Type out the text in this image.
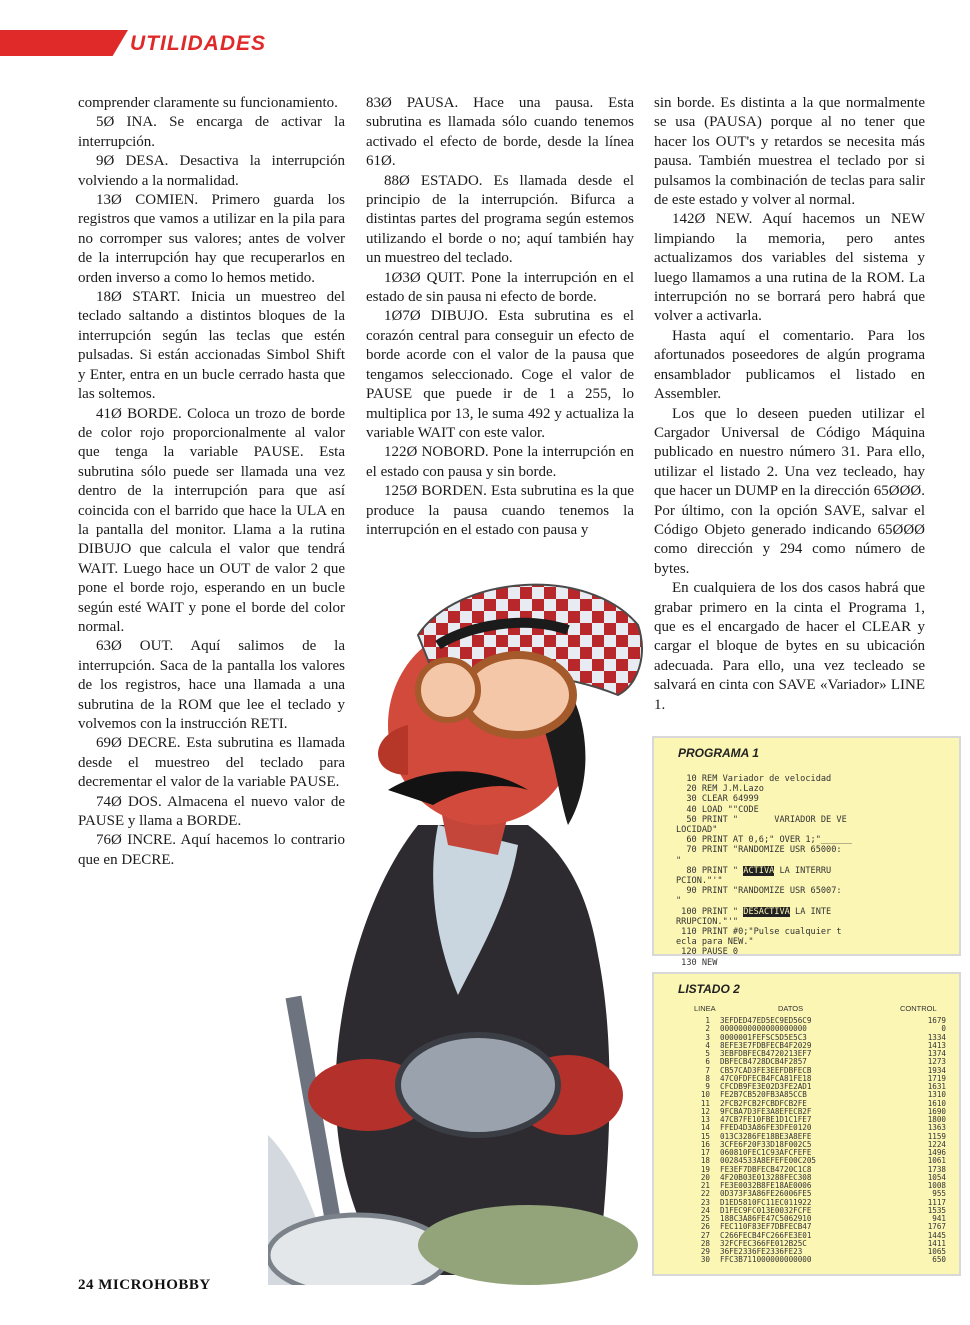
UTILIDADES

comprender claramente su funcionamiento.

5Ø INA. Se encarga de activar la interrupción.

9Ø DESA. Desactiva la interrupción volviendo a la normalidad.

13Ø COMIEN. Primero guarda los registros que vamos a utilizar en la pila para no corromper sus valores; antes de volver de la interrupción hay que recuperarlos en orden inverso a como lo hemos metido.

18Ø START. Inicia un muestreo del teclado saltando a distintos bloques de la interrupción según las teclas que estén pulsadas. Si están accionadas Simbol Shift y Enter, entra en un bucle cerrado hasta que las soltemos.

41Ø BORDE. Coloca un trozo de borde de color rojo proporcionalmente al valor que tenga la variable PAUSE. Esta subrutina sólo puede ser llamada una vez dentro de la interrupción para que así coincida con el barrido que hace la ULA en la pantalla del monitor. Llama a la rutina DIBUJO que calcula el valor que tendrá WAIT. Luego hace un OUT de valor 2 que pone el borde rojo, esperando en un bucle según esté WAIT y pone el borde del color normal.

63Ø OUT. Aquí salimos de la interrupción. Saca de la pantalla los valores de los registros, hace una llamada a una subrutina de la ROM que lee el teclado y volvemos con la instrucción RETI.

69Ø DECRE. Esta subrutina es llamada desde el muestreo del teclado para decrementar el valor de la variable PAUSE.

74Ø DOS. Almacena el nuevo valor de PAUSE y llama a BORDE.

76Ø INCRE. Aquí hacemos lo contrario que en DECRE.

83Ø PAUSA. Hace una pausa. Esta subrutina es llamada sólo cuando tenemos activado el efecto de borde, desde la línea 61Ø.

88Ø ESTADO. Es llamada desde el principio de la interrupción. Bifurca a distintas partes del programa según estemos utilizando el borde o no; aquí también hay un muestreo del teclado.

1Ø3Ø QUIT. Pone la interrupción en el estado de sin pausa ni efecto de borde.

1Ø7Ø DIBUJO. Esta subrutina es el corazón central para conseguir un efecto de borde acorde con el valor de la pausa que tengamos seleccionado. Coge el valor de PAUSE que puede ir de 1 a 255, lo multiplica por 13, le suma 492 y actualiza la variable WAIT con este valor.

122Ø NOBORD. Pone la interrupción en el estado con pausa y sin borde.

125Ø BORDEN. Esta subrutina es la que produce la pausa cuando tenemos la interrupción en el estado con pausa y

sin borde. Es distinta a la que normalmente se usa (PAUSA) porque al no tener que hacer los OUT's y retardos se necesita más pausa. También muestrea el teclado por si pulsamos la combinación de teclas para salir de este estado y volver al normal.

142Ø NEW. Aquí hacemos un NEW limpiando la memoria, pero antes actualizamos dos variables del sistema y luego llamamos a una rutina de la ROM. La interrupción no se borrará pero habrá que volver a activarla.

Hasta aquí el comentario. Para los afortunados poseedores de algún programa ensamblador publicamos el listado en Assembler.

Los que lo deseen pueden utilizar el Cargador Universal de Código Máquina publicado en nuestro número 31. Para ello, utilizar el listado 2. Una vez tecleado, hay que hacer un DUMP en la dirección 65ØØØ. Por último, con la opción SAVE, salvar el Código Objeto generado indicando 65ØØØ como dirección y 294 como número de bytes.

En cualquiera de los dos casos habrá que grabar primero en la cinta el Programa 1, que es el encargado de hacer el CLEAR y cargar el bloque de bytes en su ubicación adecuada. Para ello, una vez tecleado se salvará en cinta con SAVE «Variador» LINE 1.

PROGRAMA 1
10 REM Variador de velocidad
20 REM J.M.Lazo
30 CLEAR 64999
40 LOAD ""CODE
50 PRINT "       VARIADOR DE VE
LOCIDAD"
60 PRINT AT 0,6;" OVER 1;"______
70 PRINT "RANDOMIZE USR 65000:
"
80 PRINT " ACTIVA LA INTERRU
PCION."'"
90 PRINT "RANDOMIZE USR 65007:
"
100 PRINT " DESACTIVA LA INTE
RRUPCION."'"
110 PRINT #0;"Pulse cualquier t
ecla para NEW."
120 PAUSE 0
130 NEW
LISTADO 2
LINEA	DATOS	CONTROL
1	3EFDED47ED5EC9ED56C9	1679
2	0000000000000000000	0
3	0000001FEFSC5D5E5C3	1334
4	8EFE3E7FDBFECB4F2029	1413
5	3EBFDBFECB4720213EF7	1374
6	DBFECB4728DCB4F2857	1273
7	CB57CAD3FE3EEFDBFECB	1934
8	47C0FDFECB4FCA81FE18	1719
9	CFCDB9FE3E02D3FE2AD1	1631
10	FE2B7CB520FB3A85CCB	1310
11	2FCB2FCB2FCBDFCB2FE	1610
12	9FCBA7D3FE3A8EFECB2F	1690
13	47CB7FE10FBE1D1C1FE7	1800
14	FFED4D3A86FE3DFE0120	1363
15	013C3286FE18BE3A8EFE	1159
16	3CFE6F20F33D18F002C5	1224
17	060810FEC1C93AFCFEFE	1496
18	00284533A8EFEFE00C205	1061
19	FE3EF7DBFECB4720C1C8	1738
20	4F20B03E013288FEC308	1054
21	FE3E0032B8FE18AE0006	1008
22	0D373F3A86FE26006FE5	955
23	D1ED5810FC11EC011922	1117
24	D1FEC9FC013E0032FCFE	1535
25	188C3A86FE47C5062910	941
26	FEC110F83EF7DBFECB47	1767
27	C266FECB4FC266FE3E01	1445
28	32FCFEC366FE012B25C	1411
29	36FE2336FE2336FE23	1065
30	FFC3B711000000000000	650
24 MICROHOBBY
